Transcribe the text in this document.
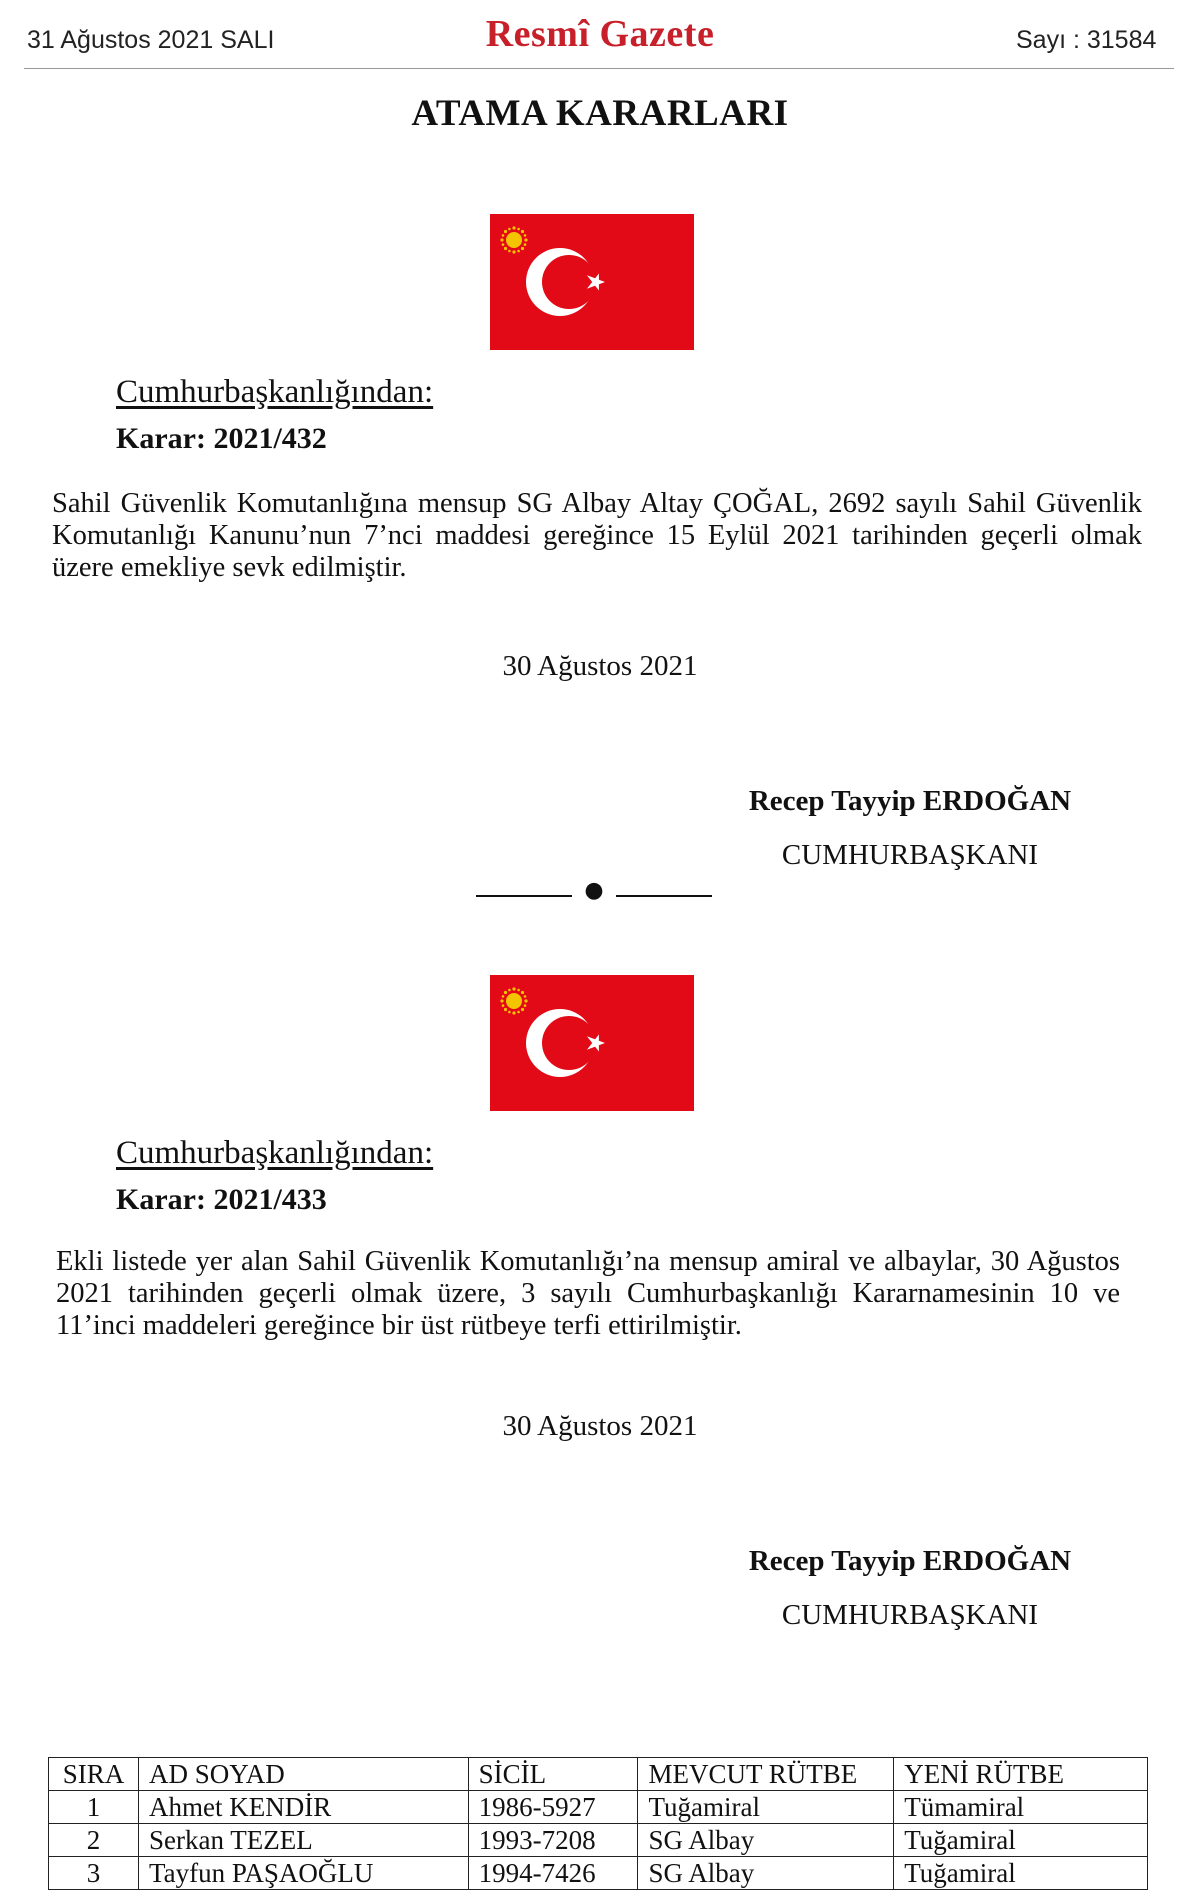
31 Ağustos 2021 SALI	Resmî Gazete	Sayı : 31584
ATAMA KARARLARI
Cumhurbaşkanlığından:
Karar: 2021/432
Sahil Güvenlik Komutanlığına mensup SG Albay Altay ÇOĞAL, 2692 sayılı Sahil Güvenlik Komutanlığı Kanunu’nun 7’nci maddesi gereğince 15 Eylül 2021 tarihinden geçerli olmak üzere emekliye sevk edilmiştir.
30 Ağustos 2021
Recep Tayyip ERDOĞAN
CUMHURBAŞKANI
●
Cumhurbaşkanlığından:
Karar: 2021/433
Ekli listede yer alan Sahil Güvenlik Komutanlığı’na mensup amiral ve albaylar, 30 Ağustos 2021 tarihinden geçerli olmak üzere, 3 sayılı Cumhurbaşkanlığı Kararnamesinin 10 ve 11’inci maddeleri gereğince bir üst rütbeye terfi ettirilmiştir.
30 Ağustos 2021
Recep Tayyip ERDOĞAN
CUMHURBAŞKANI
SIRA	AD SOYAD	SİCİL	MEVCUT RÜTBE	YENİ RÜTBE
1	Ahmet KENDİR	1986-5927	Tuğamiral	Tümamiral
2	Serkan TEZEL	1993-7208	SG Albay	Tuğamiral
3	Tayfun PAŞAOĞLU	1994-7426	SG Albay	Tuğamiral
